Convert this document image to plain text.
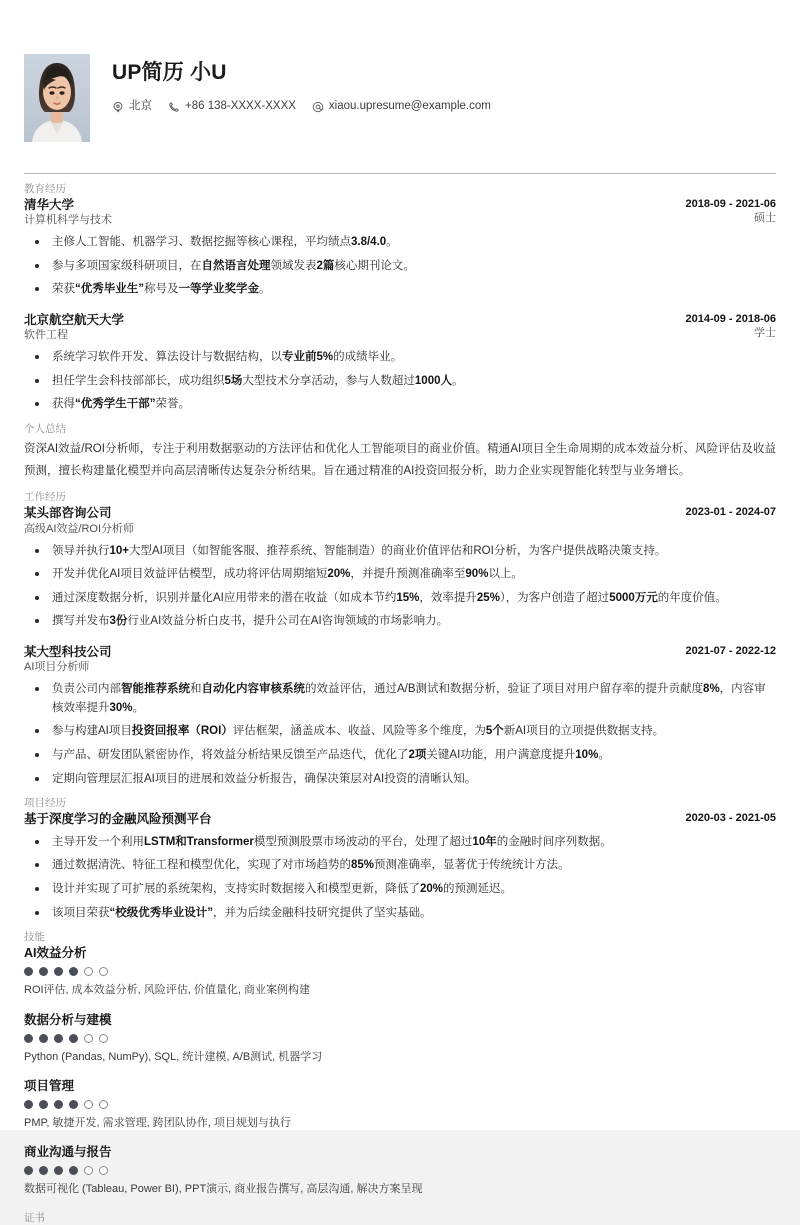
UP简历 小U
北京	+86 138-XXXX-XXXX	xiaou.upresume@example.com
教育经历
清华大学
计算机科学与技术
2018-09 - 2021-06
硕士
主修人工智能、机器学习、数据挖掘等核心课程，平均绩点3.8/4.0。
参与多项国家级科研项目，在自然语言处理领域发表2篇核心期刊论文。
荣获“优秀毕业生”称号及一等学业奖学金。
北京航空航天大学
软件工程
2014-09 - 2018-06
学士
系统学习软件开发、算法设计与数据结构，以专业前5%的成绩毕业。
担任学生会科技部部长，成功组织5场大型技术分享活动，参与人数超过1000人。
获得“优秀学生干部”荣誉。
个人总结

资深AI效益/ROI分析师，专注于利用数据驱动的方法评估和优化人工智能项目的商业价值。精通AI项目全生命周期的成本效益分析、风险评估及收益预测，擅长构建量化模型并向高层清晰传达复杂分析结果。旨在通过精准的AI投资回报分析，助力企业实现智能化转型与业务增长。

工作经历
某头部咨询公司
高级AI效益/ROI分析师
2023-01 - 2024-07
领导并执行10+大型AI项目（如智能客服、推荐系统、智能制造）的商业价值评估和ROI分析，为客户提供战略决策支持。
开发并优化AI项目效益评估模型，成功将评估周期缩短20%，并提升预测准确率至90%以上。
通过深度数据分析，识别并量化AI应用带来的潜在收益（如成本节约15%，效率提升25%），为客户创造了超过5000万元的年度价值。
撰写并发布3份行业AI效益分析白皮书，提升公司在AI咨询领域的市场影响力。
某大型科技公司
AI项目分析师
2021-07 - 2022-12
负责公司内部智能推荐系统和自动化内容审核系统的效益评估，通过A/B测试和数据分析，验证了项目对用户留存率的提升贡献度8%，内容审核效率提升30%。
参与构建AI项目投资回报率（ROI）评估框架，涵盖成本、收益、风险等多个维度，为5个新AI项目的立项提供数据支持。
与产品、研发团队紧密协作，将效益分析结果反馈至产品迭代，优化了2项关键AI功能，用户满意度提升10%。
定期向管理层汇报AI项目的进展和效益分析报告，确保决策层对AI投资的清晰认知。
项目经历
基于深度学习的金融风险预测平台	2020-03 - 2021-05
主导开发一个利用LSTM和Transformer模型预测股票市场波动的平台，处理了超过10年的金融时间序列数据。
通过数据清洗、特征工程和模型优化，实现了对市场趋势的85%预测准确率，显著优于传统统计方法。
设计并实现了可扩展的系统架构，支持实时数据接入和模型更新，降低了20%的预测延迟。
该项目荣获“校级优秀毕业设计”，并为后续金融科技研究提供了坚实基础。
技能
AI效益分析
ROI评估, 成本效益分析, 风险评估, 价值量化, 商业案例构建
数据分析与建模
Python (Pandas, NumPy), SQL, 统计建模, A/B测试, 机器学习
项目管理
PMP, 敏捷开发, 需求管理, 跨团队协作, 项目规划与执行
商业沟通与报告
数据可视化 (Tableau, Power BI), PPT演示, 商业报告撰写, 高层沟通, 解决方案呈现
证书
